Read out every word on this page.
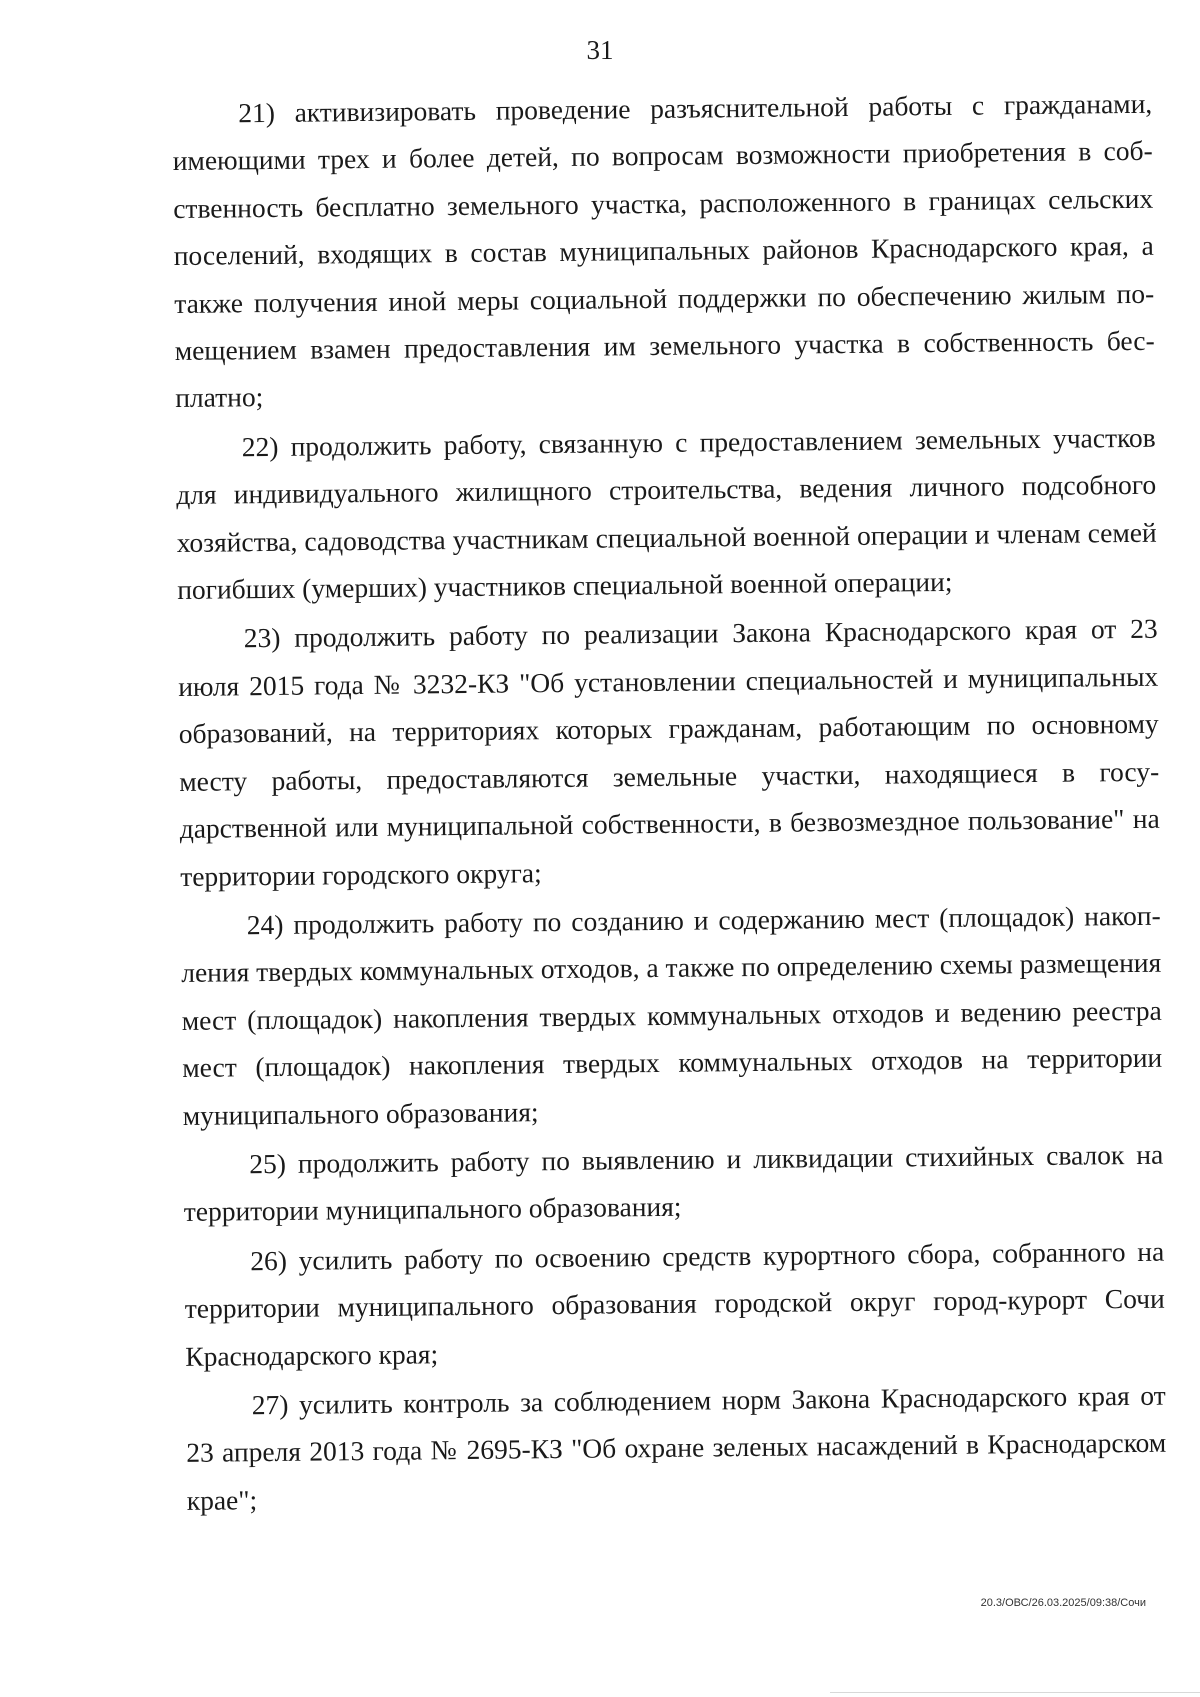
31

21) активизировать проведение разъяснительной работы с гражданами, имеющими трех и более детей, по вопросам возможности приобретения в собственность бесплатно земельного участка, расположенного в границах сельских поселений, входящих в состав муниципальных районов Краснодарского края, а также получения иной меры социальной поддержки по обеспечению жилым помещением взамен предоставления им земельного участка в собственность бесплатно;

22) продолжить работу, связанную с предоставлением земельных участков для индивидуального жилищного строительства, ведения личного подсобного хозяйства, садоводства участникам специальной военной операции и членам семей погибших (умерших) участников специальной военной операции;

23) продолжить работу по реализации Закона Краснодарского края от 23 июля 2015 года № 3232-КЗ "Об установлении специальностей и муниципальных образований, на территориях которых гражданам, работающим по основному месту работы, предоставляются земельные участки, находящиеся в государственной или муниципальной собственности, в безвозмездное пользование" на территории городского округа;

24) продолжить работу по созданию и содержанию мест (площадок) накопления твердых коммунальных отходов, а также по определению схемы размещения мест (площадок) накопления твердых коммунальных отходов и ведению реестра мест (площадок) накопления твердых коммунальных отходов на территории муниципального образования;

25) продолжить работу по выявлению и ликвидации стихийных свалок на территории муниципального образования;

26) усилить работу по освоению средств курортного сбора, собранного на территории муниципального образования городской округ город-курорт Сочи Краснодарского края;

27) усилить контроль за соблюдением норм Закона Краснодарского края от 23 апреля 2013 года № 2695-КЗ "Об охране зеленых насаждений в Краснодарском крае";

20.3/ОВС/26.03.2025/09:38/Сочи
